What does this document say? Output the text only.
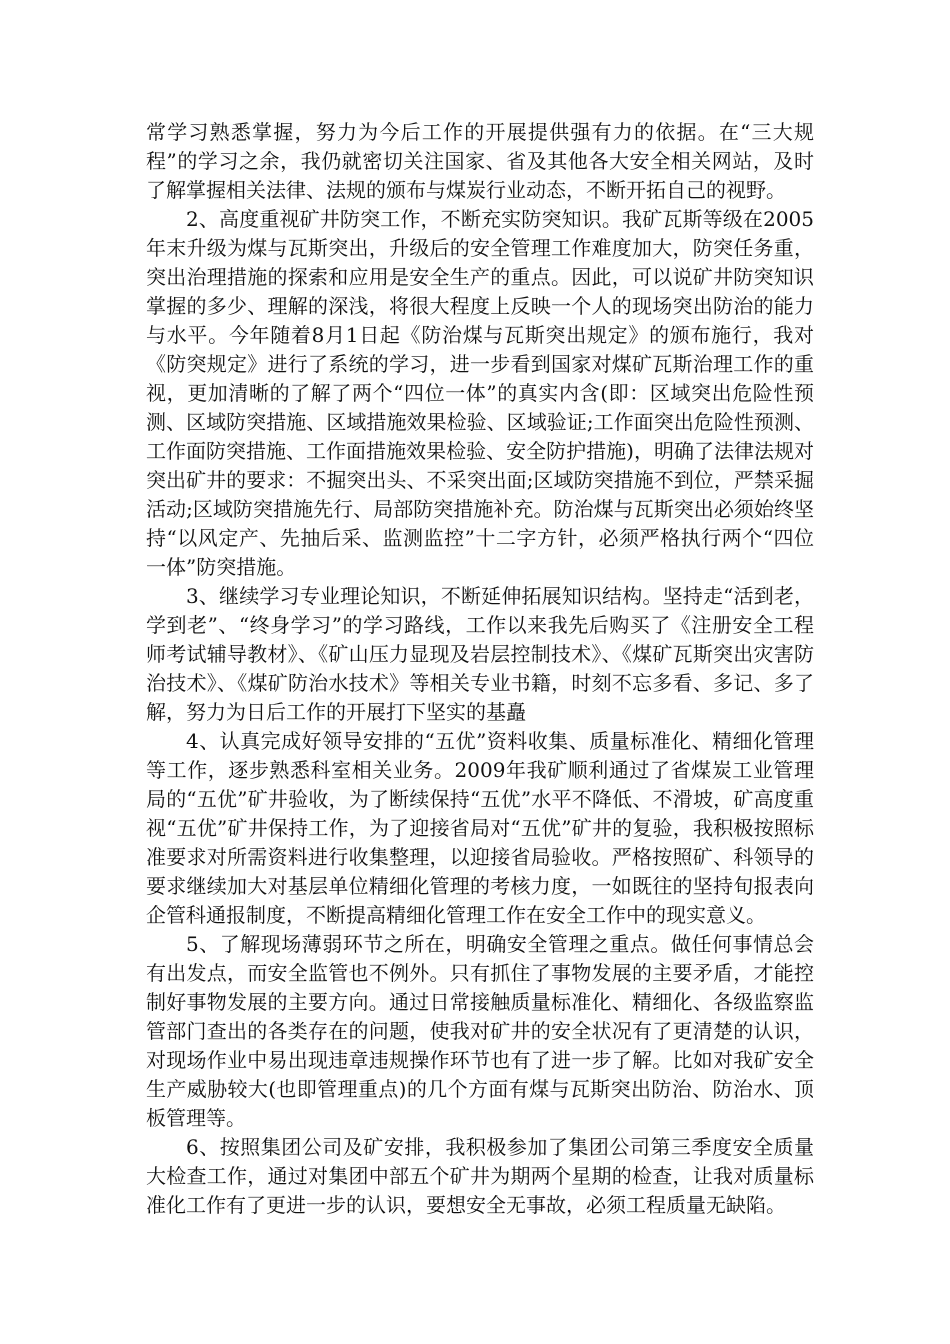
常学习熟悉掌握，努力为今后工作的开展提供强有力的依据。在“三大规程”的学习之余，我仍就密切关注国家、省及其他各大安全相关网站，及时了解掌握相关法律、法规的颁布与煤炭行业动态，不断开拓自己的视野。

2、高度重视矿井防突工作，不断充实防突知识。我矿瓦斯等级在2005年末升级为煤与瓦斯突出，升级后的安全管理工作难度加大，防突任务重，突出治理措施的探索和应用是安全生产的重点。因此，可以说矿井防突知识掌握的多少、理解的深浅，将很大程度上反映一个人的现场突出防治的能力与水平。今年随着8月1日起《防治煤与瓦斯突出规定》的颁布施行，我对《防突规定》进行了系统的学习，进一步看到国家对煤矿瓦斯治理工作的重视，更加清晰的了解了两个“四位一体”的真实内含(即：区域突出危险性预测、区域防突措施、区域措施效果检验、区域验证;工作面突出危险性预测、工作面防突措施、工作面措施效果检验、安全防护措施)，明确了法律法规对突出矿井的要求：不掘突出头、不采突出面;区域防突措施不到位，严禁采掘活动;区域防突措施先行、局部防突措施补充。防治煤与瓦斯突出必须始终坚持“以风定产、先抽后采、监测监控”十二字方针，必须严格执行两个“四位一体”防突措施。

3、继续学习专业理论知识，不断延伸拓展知识结构。坚持走“活到老，学到老”、“终身学习”的学习路线，工作以来我先后购买了《注册安全工程师考试辅导教材》、《矿山压力显现及岩层控制技术》、《煤矿瓦斯突出灾害防治技术》、《煤矿防治水技术》等相关专业书籍，时刻不忘多看、多记、多了解，努力为日后工作的开展打下坚实的基矗

4、认真完成好领导安排的“五优”资料收集、质量标准化、精细化管理等工作，逐步熟悉科室相关业务。2009年我矿顺利通过了省煤炭工业管理局的“五优”矿井验收，为了断续保持“五优”水平不降低、不滑坡，矿高度重视“五优”矿井保持工作，为了迎接省局对“五优”矿井的复验，我积极按照标准要求对所需资料进行收集整理，以迎接省局验收。严格按照矿、科领导的要求继续加大对基层单位精细化管理的考核力度，一如既往的坚持旬报表向企管科通报制度，不断提高精细化管理工作在安全工作中的现实意义。

5、了解现场薄弱环节之所在，明确安全管理之重点。做任何事情总会有出发点，而安全监管也不例外。只有抓住了事物发展的主要矛盾，才能控制好事物发展的主要方向。通过日常接触质量标准化、精细化、各级监察监管部门查出的各类存在的问题，使我对矿井的安全状况有了更清楚的认识，对现场作业中易出现违章违规操作环节也有了进一步了解。比如对我矿安全生产威胁较大(也即管理重点)的几个方面有煤与瓦斯突出防治、防治水、顶板管理等。

6、按照集团公司及矿安排，我积极参加了集团公司第三季度安全质量大检查工作，通过对集团中部五个矿井为期两个星期的检查，让我对质量标准化工作有了更进一步的认识，要想安全无事故，必须工程质量无缺陷。
